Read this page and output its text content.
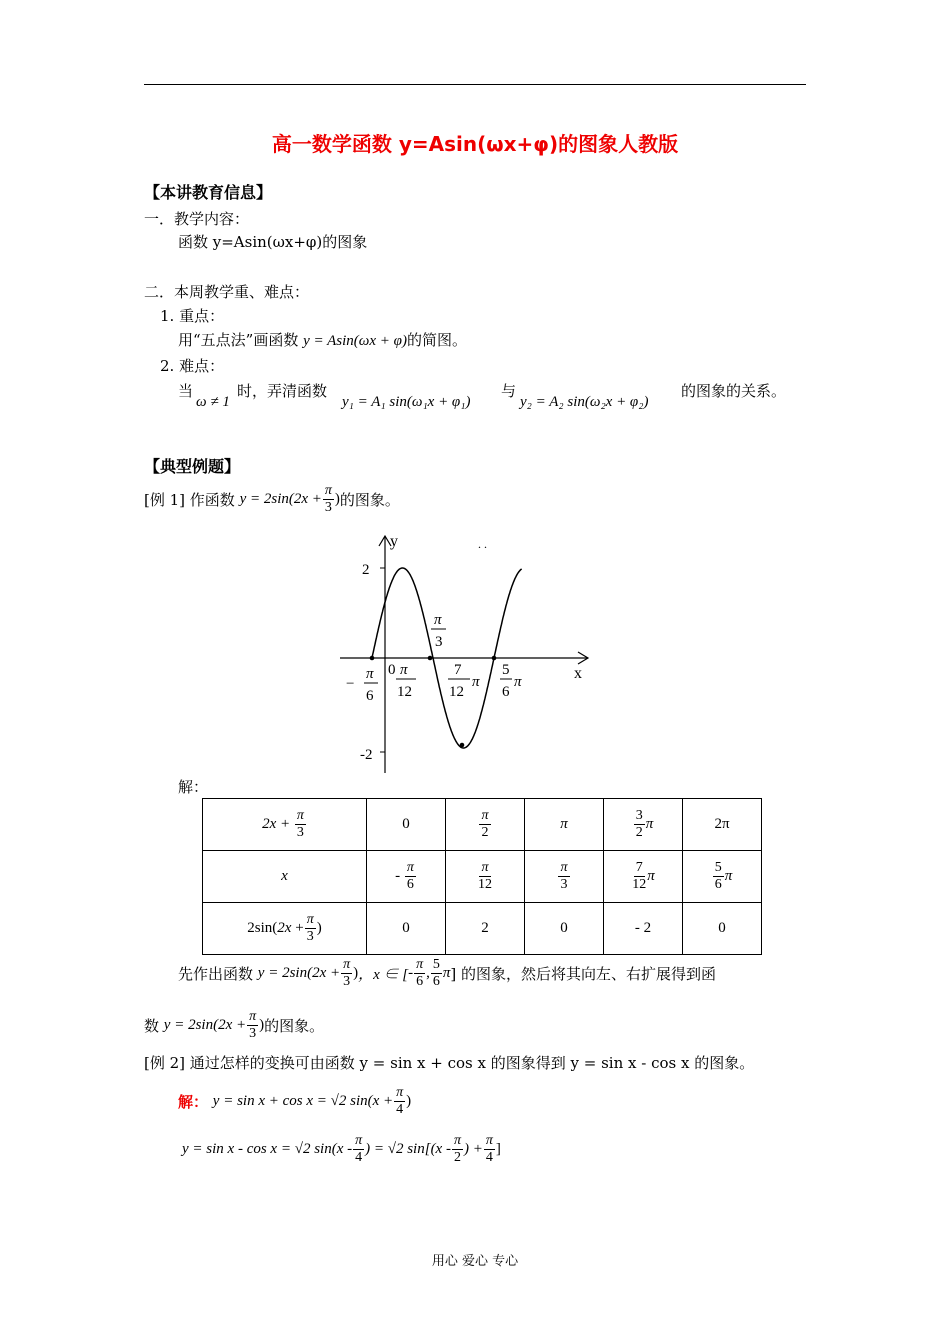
高一数学函数 y=Asin(ωx+φ)的图象人教版
【本讲教育信息】
一．教学内容：
函数 y=Asin(ωx+φ)的图象
二．本周教学重、难点：
1. 重点：
用“五点法”画函数 y = Asin(ωx + φ)的简图。
2. 难点：
当
ω ≠ 1
时，弄清函数
y₁ = A₁ sin(ω₁x + φ₁)
与
y₂ = A₂ sin(ω₂x + φ₂)
的图象的关系。
【典型例题】
[例 1] 作函数
$y = 2\sin(2x + \frac{\pi}{3}$ ) 的图象。
y
x
2
-2
0
. .
π
3
−
π
6
π
12
7
12
π
5
6
π
解：
$2x + \frac{\pi}{3}$	0	$\frac{\pi}{2}$	π	$\frac{3}{2}$ π	2π
x	- $\frac{\pi}{6}$	$\frac{\pi}{12}$	$\frac{\pi}{3}$	$\frac{7}{12}$ π	$\frac{5}{6}$ π
$2\sin(2x + \frac{\pi}{3}$ )	0	2	0	- 2	0
先作出函数
$y = 2\sin(2x + \frac{\pi}{3}$ ) ，x ∈ [ - $\frac{\pi}{6}$ , $\frac{5}{6}$ π ] 的图象，然后将其向左、右扩展得到函
数
$y = 2\sin(2x + \frac{\pi}{3}$ ) 的图象。
[例 2] 通过怎样的变换可由函数 y = sin x + cos x 的图象得到 y = sin x - cos x 的图象。
解：
y = sin x + cos x = √2 $\sin(x + \frac{\pi}{4}$ )
y = sin x - cos x = √2 $\sin(x - \frac{\pi}{4}$ ) = √2 $\sin[(x - \frac{\pi}{2}$ ) + $\frac{\pi}{4}$ ]
用心 爱心 专心
